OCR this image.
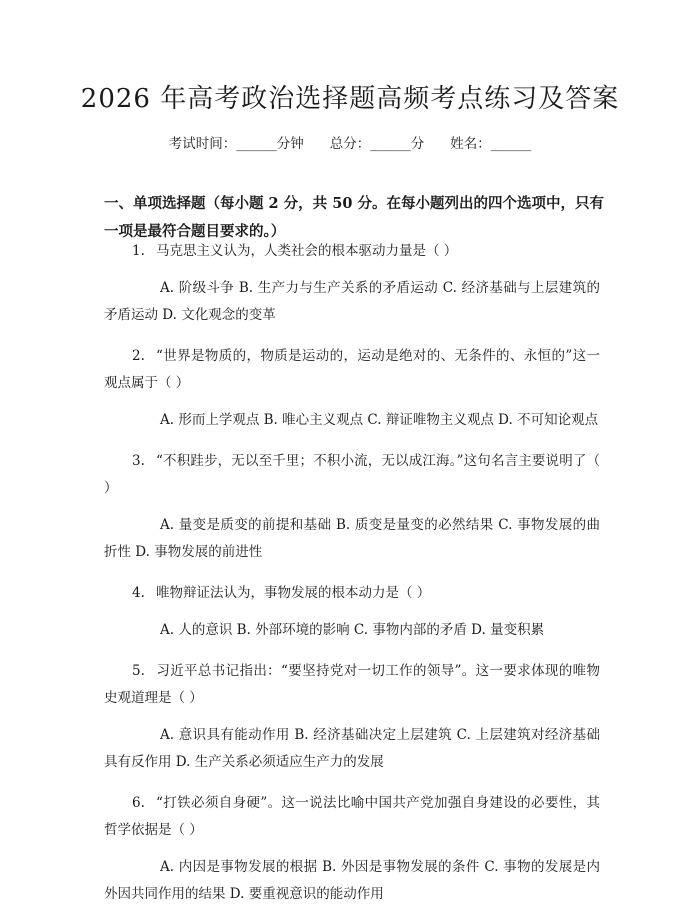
2026 年高考政治选择题高频考点练习及答案
考试时间：______分钟 总分：______分 姓名：______
一、单项选择题（每小题 2 分，共 50 分。在每小题列出的四个选项中，只有一项是最符合题目要求的。）

1. 马克思主义认为，人类社会的根本驱动力量是（ ）

A. 阶级斗争 B. 生产力与生产关系的矛盾运动 C. 经济基础与上层建筑的矛盾运动 D. 文化观念的变革

2. “世界是物质的，物质是运动的，运动是绝对的、无条件的、永恒的”这一观点属于（ ）

A. 形而上学观点 B. 唯心主义观点 C. 辩证唯物主义观点 D. 不可知论观点

3. “不积跬步，无以至千里；不积小流，无以成江海。”这句名言主要说明了（ ）

A. 量变是质变的前提和基础 B. 质变是量变的必然结果 C. 事物发展的曲折性 D. 事物发展的前进性

4. 唯物辩证法认为，事物发展的根本动力是（ ）

A. 人的意识 B. 外部环境的影响 C. 事物内部的矛盾 D. 量变积累

5. 习近平总书记指出：“要坚持党对一切工作的领导”。这一要求体现的唯物史观道理是（ ）

A. 意识具有能动作用 B. 经济基础决定上层建筑 C. 上层建筑对经济基础具有反作用 D. 生产关系必须适应生产力的发展

6. “打铁必须自身硬”。这一说法比喻中国共产党加强自身建设的必要性，其哲学依据是（ ）

A. 内因是事物发展的根据 B. 外因是事物发展的条件 C. 事物的发展是内外因共同作用的结果 D. 要重视意识的能动作用
